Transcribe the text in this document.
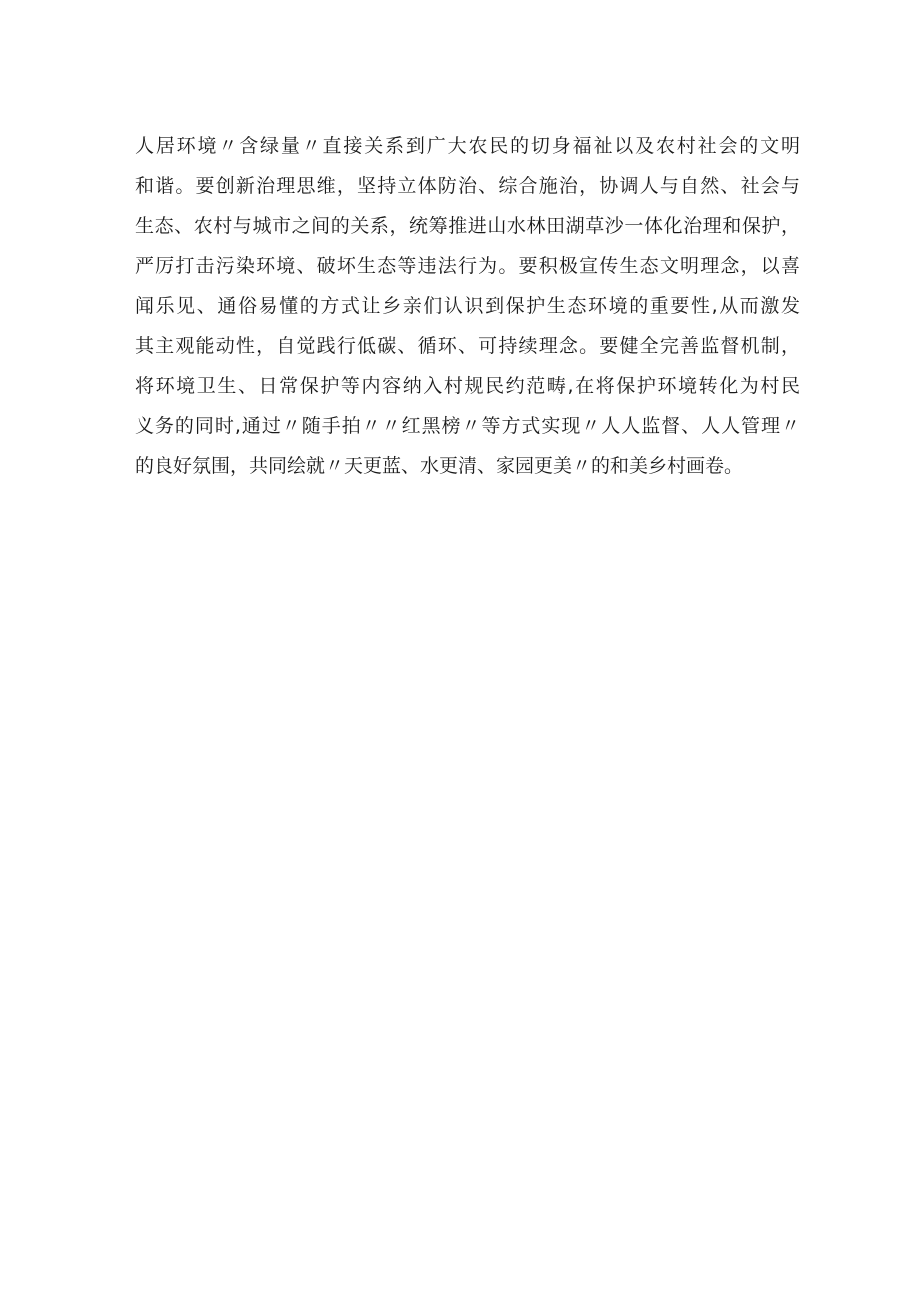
人居环境〃含绿量〃直接关系到广大农民的切身福祉以及农村社会的文明
和谐。要创新治理思维，坚持立体防治、综合施治，协调人与自然、社会与
生态、农村与城市之间的关系，统筹推进山水林田湖草沙一体化治理和保护，
严厉打击污染环境、破坏生态等违法行为。要积极宣传生态文明理念，以喜
闻乐见、通俗易懂的方式让乡亲们认识到保护生态环境的重要性,从而激发
其主观能动性，自觉践行低碳、循环、可持续理念。要健全完善监督机制，
将环境卫生、日常保护等内容纳入村规民约范畴,在将保护环境转化为村民
义务的同时,通过〃随手拍〃〃红黑榜〃等方式实现〃人人监督、人人管理〃
的良好氛围，共同绘就〃天更蓝、水更清、家园更美〃的和美乡村画卷。
